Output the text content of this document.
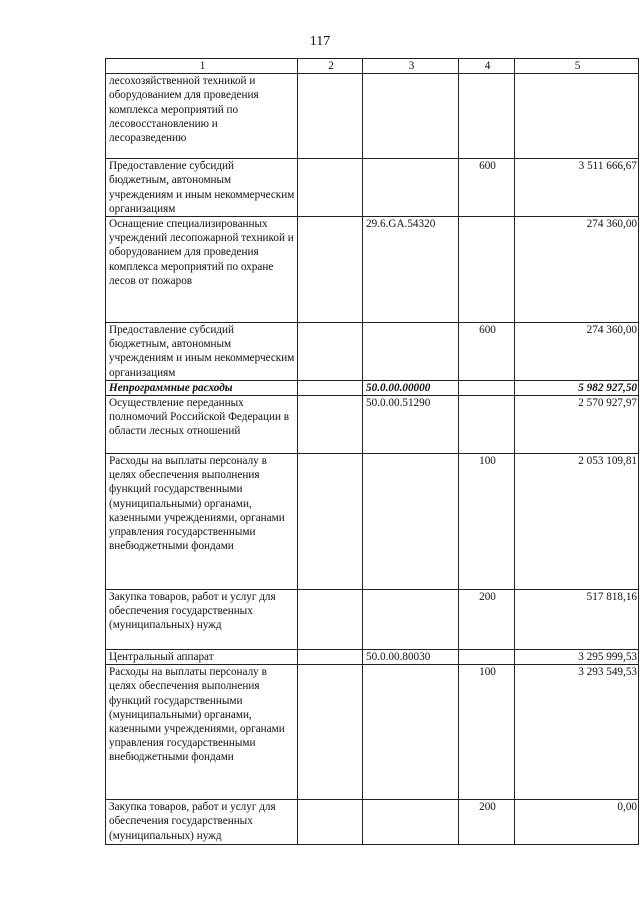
117
1	2	3	4	5
лесохозяйственной техникой и оборудованием для проведения комплекса мероприятий по лесовосстановлению и лесоразведению				
Предоставление субсидий бюджетным, автономным учреждениям и иным некоммерческим организациям			600	3 511 666,67
Оснащение специализированных учреждений лесопожарной техникой и оборудованием для проведения комплекса мероприятий по охране лесов от пожаров		29.6.GA.54320		274 360,00
Предоставление субсидий бюджетным, автономным учреждениям и иным некоммерческим организациям			600	274 360,00
Непрограммные расходы		50.0.00.00000		5 982 927,50
Осуществление переданных полномочий Российской Федерации в области лесных отношений		50.0.00.51290		2 570 927,97
Расходы на выплаты персоналу в целях обеспечения выполнения функций государственными (муниципальными) органами, казенными учреждениями, органами управления государственными внебюджетными фондами			100	2 053 109,81
Закупка товаров, работ и услуг для обеспечения государственных (муниципальных) нужд			200	517 818,16
Центральный аппарат		50.0.00.80030		3 295 999,53
Расходы на выплаты персоналу в целях обеспечения выполнения функций государственными (муниципальными) органами, казенными учреждениями, органами управления государственными внебюджетными фондами			100	3 293 549,53
Закупка товаров, работ и услуг для обеспечения государственных (муниципальных) нужд			200	0,00
